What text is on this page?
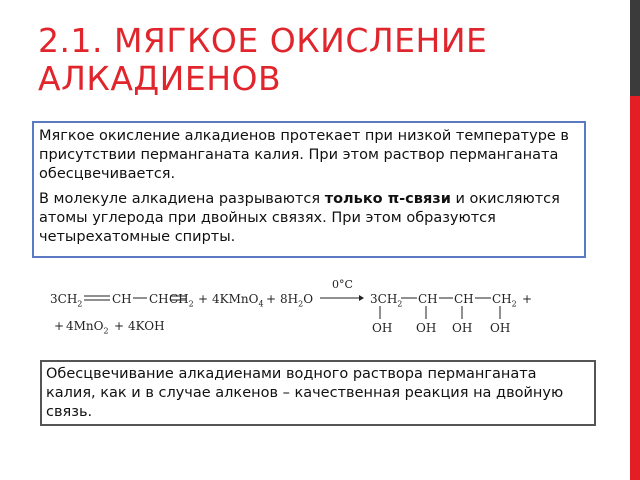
2.1. МЯГКОЕ ОКИСЛЕНИЕ АЛКАДИЕНОВ

Мягкое окисление алкадиенов протекает при низкой температуре в присутствии перманганата калия. При этом раствор перманганата обесцвечивается.

В молекуле алкадиена разрываются только π-связи и окисляются атомы углерода при двойных связях. При этом образуются четырехатомные спирты.

$3CH_2$ CH CH $CH_2$ + 4KMnO$_4$ + $8H_2O$
0°C
$3CH_2$ CH CH $CH_2$ +
OH OH OH OH
+ 4MnO$_2$ + 4KOH
Обесцвечивание алкадиенами водного раствора перманганата калия, как и в случае алкенов – качественная реакция на двойную связь.
